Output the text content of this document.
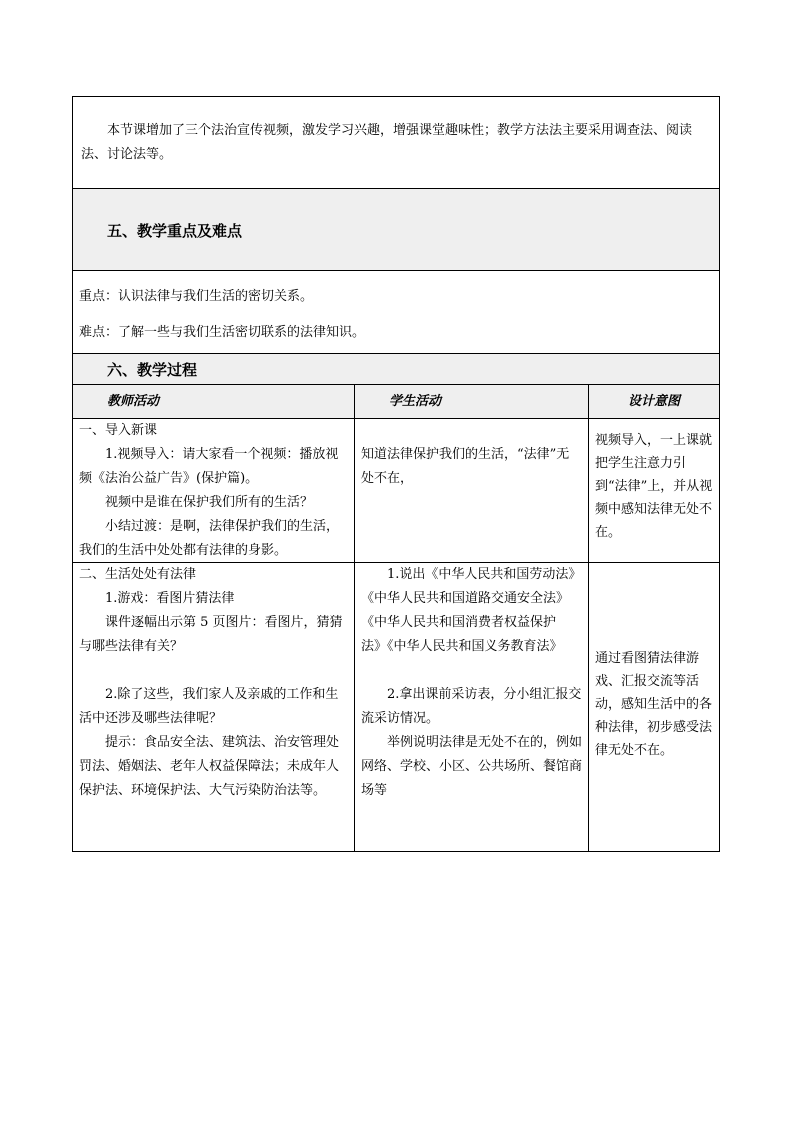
本节课增加了三个法治宣传视频，激发学习兴趣，增强课堂趣味性；教学方法法主要采用调查法、阅读法、讨论法等。

五、教学重点及难点

重点：认识法律与我们生活的密切关系。

难点：了解一些与我们生活密切联系的法律知识。

六、教学过程

教师活动	学生活动	设计意图

一、导入新课

1.视频导入：请大家看一个视频：播放视频《法治公益广告》(保护篇)。

视频中是谁在保护我们所有的生活？

小结过渡：是啊，法律保护我们的生活，我们的生活中处处都有法律的身影。

知道法律保护我们的生活，“法律”无处不在，

视频导入，一上课就把学生注意力引到“法律”上，并从视频中感知法律无处不在。

二、生活处处有法律

1.游戏：看图片猜法律

课件逐幅出示第 5 页图片：看图片，猜猜与哪些法律有关？

2.除了这些，我们家人及亲戚的工作和生活中还涉及哪些法律呢？

提示：食品安全法、建筑法、治安管理处罚法、婚姻法、老年人权益保障法；未成年人保护法、环境保护法、大气污染防治法等。

1.说出《中华人民共和国劳动法》《中华人民共和国道路交通安全法》《中华人民共和国消费者权益保护法》《中华人民共和国义务教育法》

2.拿出课前采访表，分小组汇报交流采访情况。

举例说明法律是无处不在的，例如网络、学校、小区、公共场所、餐馆商场等

通过看图猜法律游戏、汇报交流等活动，感知生活中的各种法律，初步感受法律无处不在。
